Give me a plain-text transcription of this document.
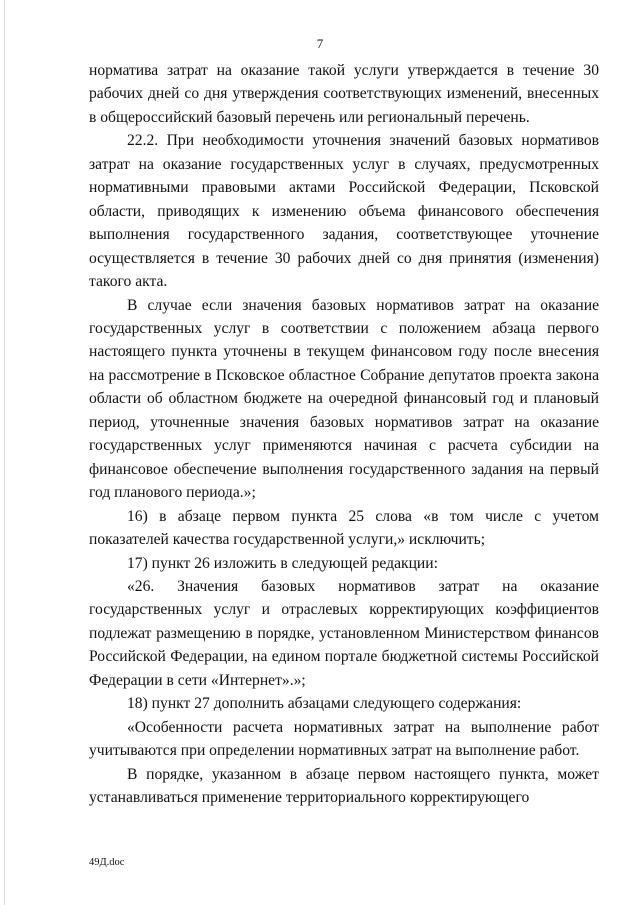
7

норматива затрат на оказание такой услуги утверждается в течение 30 рабочих дней со дня утверждения соответствующих изменений, внесенных в общероссийский базовый перечень или региональный перечень.

22.2. При необходимости уточнения значений базовых нормативов затрат на оказание государственных услуг в случаях, предусмотренных нормативными правовыми актами Российской Федерации, Псковской области, приводящих к изменению объема финансового обеспечения выполнения государственного задания, соответствующее уточнение осуществляется в течение 30 рабочих дней со дня принятия (изменения) такого акта.

В случае если значения базовых нормативов затрат на оказание государственных услуг в соответствии с положением абзаца первого настоящего пункта уточнены в текущем финансовом году после внесения на рассмотрение в Псковское областное Собрание депутатов проекта закона области об областном бюджете на очередной финансовый год и плановый период, уточненные значения базовых нормативов затрат на оказание государственных услуг применяются начиная с расчета субсидии на финансовое обеспечение выполнения государственного задания на первый год планового периода.»;

16) в абзаце первом пункта 25 слова «в том числе с учетом показателей качества государственной услуги,» исключить;

17) пункт 26 изложить в следующей редакции:

«26. Значения базовых нормативов затрат на оказание государственных услуг и отраслевых корректирующих коэффициентов подлежат размещению в порядке, установленном Министерством финансов Российской Федерации, на едином портале бюджетной системы Российской Федерации в сети «Интернет».»;

18) пункт 27 дополнить абзацами следующего содержания:

«Особенности расчета нормативных затрат на выполнение работ учитываются при определении нормативных затрат на выполнение работ.

В порядке, указанном в абзаце первом настоящего пункта, может устанавливаться применение территориального корректирующего

49Д.doc
